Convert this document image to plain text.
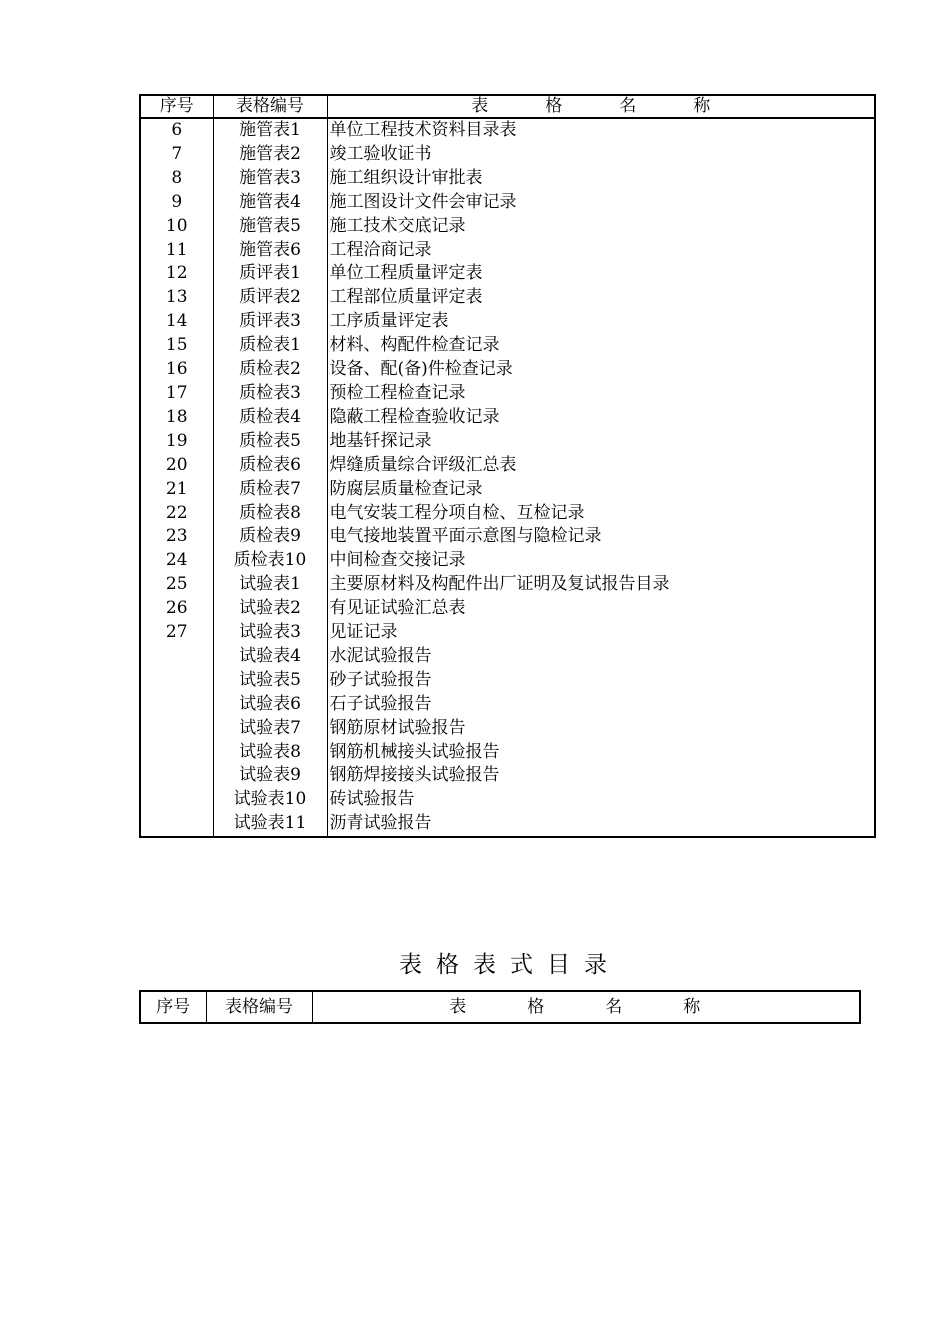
序号	表格编号	表　格　名　称
6	施管表1	单位工程技术资料目录表
7	施管表2	竣工验收证书
8	施管表3	施工组织设计审批表
9	施管表4	施工图设计文件会审记录
10	施管表5	施工技术交底记录
11	施管表6	工程洽商记录
12	质评表1	单位工程质量评定表
13	质评表2	工程部位质量评定表
14	质评表3	工序质量评定表
15	质检表1	材料、构配件检查记录
16	质检表2	设备、配(备)件检查记录
17	质检表3	预检工程检查记录
18	质检表4	隐蔽工程检查验收记录
19	质检表5	地基钎探记录
20	质检表6	焊缝质量综合评级汇总表
21	质检表7	防腐层质量检查记录
22	质检表8	电气安装工程分项自检、互检记录
23	质检表9	电气接地装置平面示意图与隐检记录
24	质检表10	中间检查交接记录
25	试验表1	主要原材料及构配件出厂证明及复试报告目录
26	试验表2	有见证试验汇总表
27	试验表3	见证记录
	试验表4	水泥试验报告
	试验表5	砂子试验报告
	试验表6	石子试验报告
	试验表7	钢筋原材试验报告
	试验表8	钢筋机械接头试验报告
	试验表9	钢筋焊接接头试验报告
	试验表10	砖试验报告
	试验表11	沥青试验报告
表格表式目录
序号	表格编号	表　格　名　称
